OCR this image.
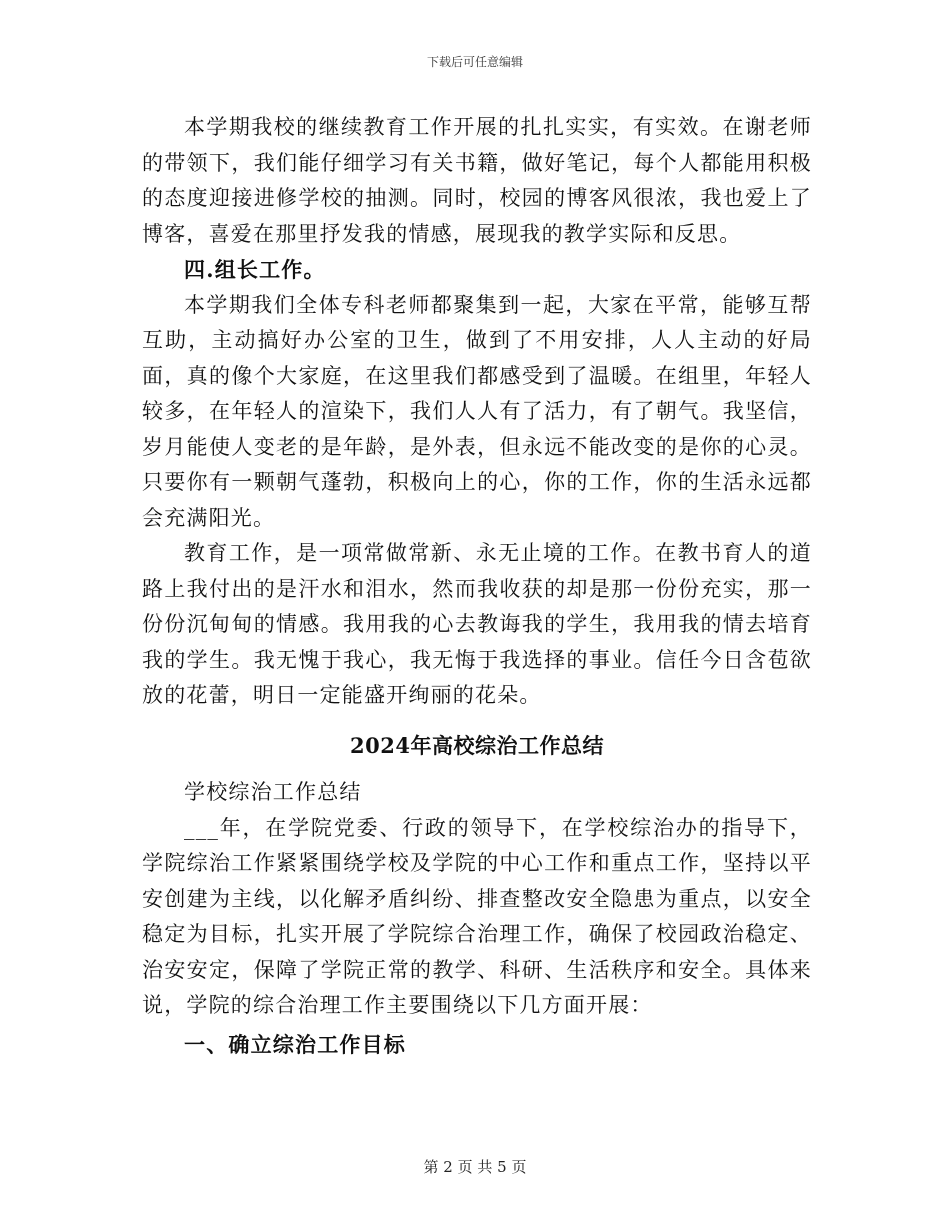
下载后可任意编辑

本学期我校的继续教育工作开展的扎扎实实，有实效。在谢老师的带领下，我们能仔细学习有关书籍，做好笔记，每个人都能用积极的态度迎接进修学校的抽测。同时，校园的博客风很浓，我也爱上了博客，喜爱在那里抒发我的情感，展现我的教学实际和反思。

四.组长工作。

本学期我们全体专科老师都聚集到一起，大家在平常，能够互帮互助，主动搞好办公室的卫生，做到了不用安排，人人主动的好局面，真的像个大家庭，在这里我们都感受到了温暖。在组里，年轻人较多，在年轻人的渲染下，我们人人有了活力，有了朝气。我坚信，岁月能使人变老的是年龄，是外表，但永远不能改变的是你的心灵。只要你有一颗朝气蓬勃，积极向上的心，你的工作，你的生活永远都会充满阳光。

教育工作，是一项常做常新、永无止境的工作。在教书育人的道路上我付出的是汗水和泪水，然而我收获的却是那一份份充实，那一份份沉甸甸的情感。我用我的心去教诲我的学生，我用我的情去培育我的学生。我无愧于我心，我无悔于我选择的事业。信任今日含苞欲放的花蕾，明日一定能盛开绚丽的花朵。

2024年高校综治工作总结

学校综治工作总结

___年，在学院党委、行政的领导下，在学校综治办的指导下，学院综治工作紧紧围绕学校及学院的中心工作和重点工作，坚持以平安创建为主线，以化解矛盾纠纷、排查整改安全隐患为重点，以安全稳定为目标，扎实开展了学院综合治理工作，确保了校园政治稳定、治安安定，保障了学院正常的教学、科研、生活秩序和安全。具体来说，学院的综合治理工作主要围绕以下几方面开展：

一、确立综治工作目标

第 2 页 共 5 页
